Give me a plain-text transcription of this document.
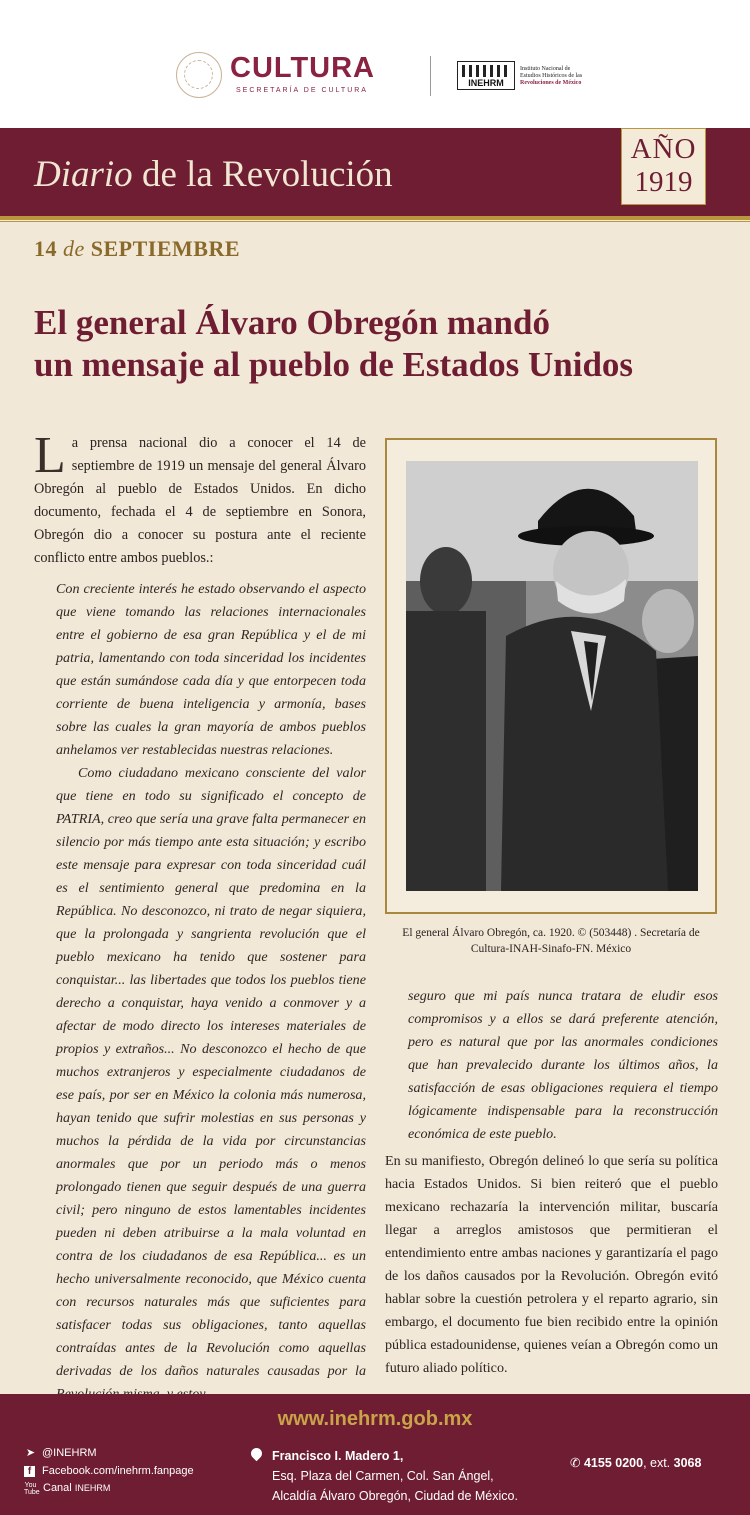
CULTURA
SECRETARÍA DE CULTURA
INEHRM
Instituto Nacional de
Estudios Históricos de las
Revoluciones de México
Diario de la Revolución
AÑO
1919
14 de SEPTIEMBRE
El general Álvaro Obregón mandó
un mensaje al pueblo de Estados Unidos
La prensa nacional dio a conocer el 14 de septiembre de 1919 un mensaje del general Álvaro Obregón al pueblo de Estados Unidos. En dicho documento, fechada el 4 de septiembre en Sonora, Obregón dio a conocer su postura ante el reciente conflicto entre ambos pueblos.:

Con creciente interés he estado observando el aspecto que viene tomando las relaciones internacionales entre el gobierno de esa gran República y el de mi patria, lamentando con toda sinceridad los incidentes que están sumándose cada día y que entorpecen toda corriente de buena inteligencia y armonía, bases sobre las cuales la gran mayoría de ambos pueblos anhelamos ver restablecidas nuestras relaciones.

Como ciudadano mexicano consciente del valor que tiene en todo su significado el concepto de PATRIA, creo que sería una grave falta permanecer en silencio por más tiempo ante esta situación; y escribo este mensaje para expresar con toda sinceridad cuál es el sentimiento general que predomina en la República. No desconozco, ni trato de negar siquiera, que la prolongada y sangrienta revolución que el pueblo mexicano ha tenido que sostener para conquistar... las libertades que todos los pueblos tiene derecho a conquistar, haya venido a conmover y a afectar de modo directo los intereses materiales de propios y extraños... No desconozco el hecho de que muchos extranjeros y especialmente ciudadanos de ese país, por ser en México la colonia más numerosa, hayan tenido que sufrir molestias en sus personas y muchos la pérdida de la vida por circunstancias anormales que por un periodo más o menos prolongado tienen que seguir después de una guerra civil; pero ninguno de estos lamentables incidentes pueden ni deben atribuirse a la mala voluntad en contra de los ciudadanos de esa República... es un hecho universalmente reconocido, que México cuenta con recursos naturales más que suficientes para satisfacer todas sus obligaciones, tanto aquellas contraídas antes de la Revolución como aquellas derivadas de los daños naturales causadas por la

El general Álvaro Obregón, ca. 1920. © (503448) . Secretaría de
Cultura-INAH-Sinafo-FN. México
seguro que mi país nunca tratara de eludir esos compromisos y a ellos se dará preferente atención, pero es natural que por las anormales condiciones que han prevalecido durante los últimos años, la satisfacción de esas obligaciones requiera el tiempo lógicamente indispensable para la reconstrucción económica de este pueblo.
En su manifiesto, Obregón delineó lo que sería su política hacia Estados Unidos. Si bien reiteró que el pueblo mexicano rechazaría la intervención militar, buscaría llegar a arreglos amistosos que permitieran el entendimiento entre ambas naciones y garantizaría el pago de los daños causados por la Revolución. Obregón evitó hablar sobre la cuestión petrolera y el reparto agrario, sin embargo, el documento fue bien recibido entre la opinión pública estadounidense, quienes veían a Obregón como un futuro aliado político.
www.inehrm.gob.mx
➤ @INEHRM
f Facebook.com/inehrm.fanpage
You Tube Canal
INEHRM
Francisco I. Madero 1,
Esq. Plaza del Carmen, Col. San Ángel,
Alcaldía Álvaro Obregón, Ciudad de México.
✆ 4155 0200, ext. 3068
